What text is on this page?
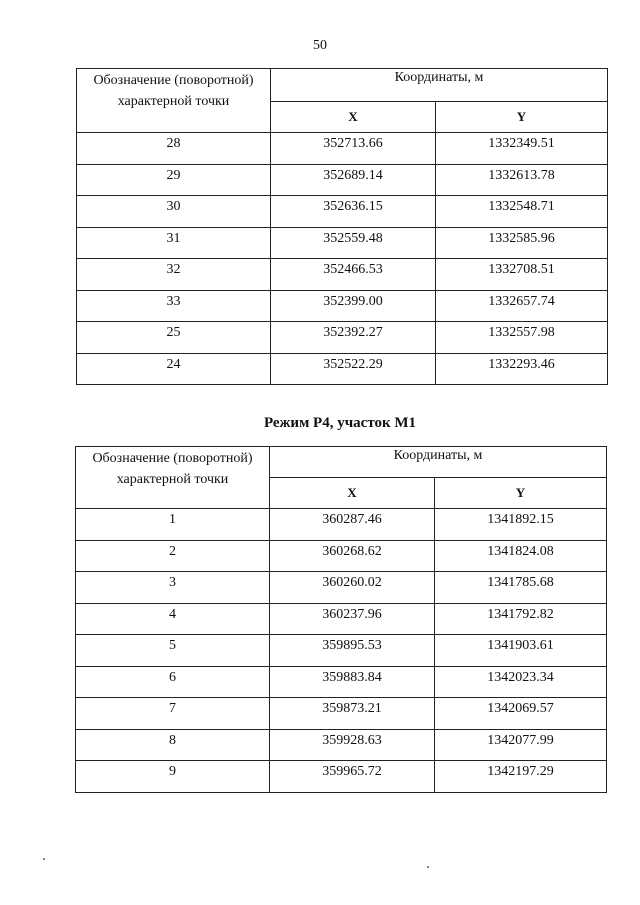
50
Обозначение (поворотной) характерной точки	Координаты, м	
	X	Y
28	352713.66	1332349.51
29	352689.14	1332613.78
30	352636.15	1332548.71
31	352559.48	1332585.96
32	352466.53	1332708.51
33	352399.00	1332657.74
25	352392.27	1332557.98
24	352522.29	1332293.46
Режим Р4, участок М1
Обозначение (поворотной) характерной точки	Координаты, м	
	X	Y
1	360287.46	1341892.15
2	360268.62	1341824.08
3	360260.02	1341785.68
4	360237.96	1341792.82
5	359895.53	1341903.61
6	359883.84	1342023.34
7	359873.21	1342069.57
8	359928.63	1342077.99
9	359965.72	1342197.29
